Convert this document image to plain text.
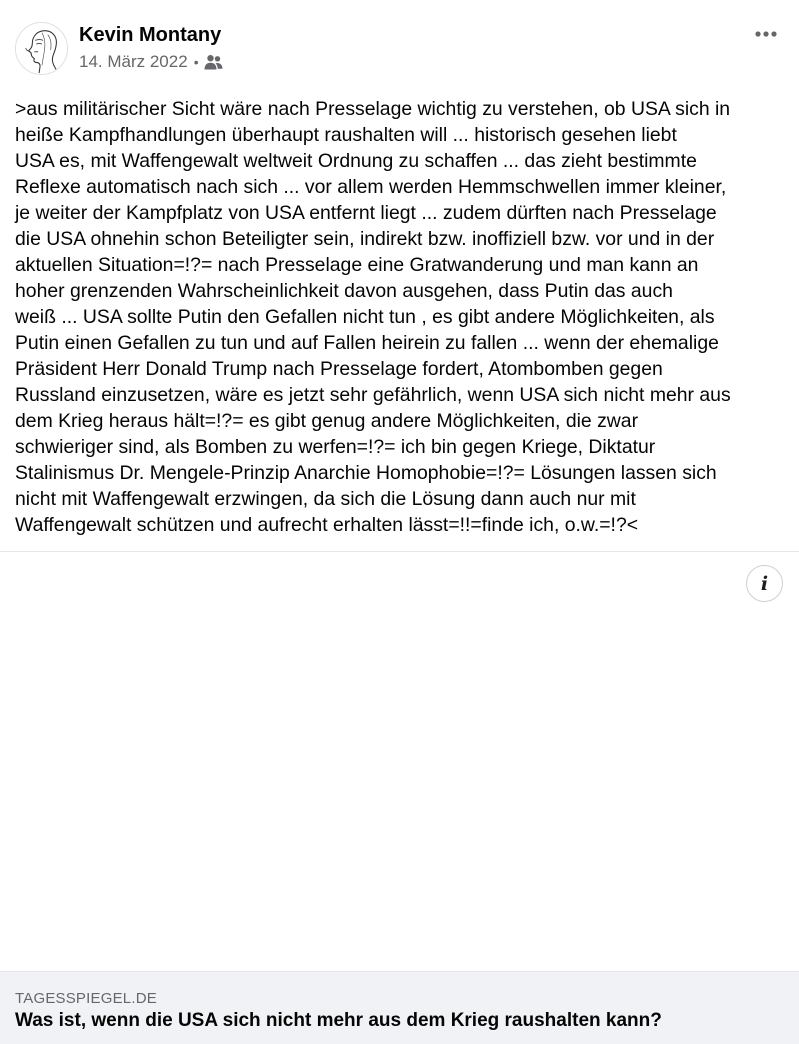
Kevin Montany
14. März 2022 •
>aus militärischer Sicht wäre nach Presselage wichtig zu verstehen, ob USA sich in
heiße Kampfhandlungen überhaupt raushalten will ... historisch gesehen liebt
USA es, mit Waffengewalt weltweit Ordnung zu schaffen ... das zieht bestimmte
Reflexe automatisch nach sich ... vor allem werden Hemmschwellen immer kleiner,
je weiter der Kampfplatz von USA entfernt liegt ... zudem dürften nach Presselage
die USA ohnehin schon Beteiligter sein, indirekt bzw. inoffiziell bzw. vor und in der
aktuellen Situation=!?= nach Presselage eine Gratwanderung und man kann an
hoher grenzenden Wahrscheinlichkeit davon ausgehen, dass Putin das auch
weiß ... USA sollte Putin den Gefallen nicht tun , es gibt andere Möglichkeiten, als
Putin einen Gefallen zu tun und auf Fallen heirein zu fallen ... wenn der ehemalige
Präsident Herr Donald Trump nach Presselage fordert, Atombomben gegen
Russland einzusetzen, wäre es jetzt sehr gefährlich, wenn USA sich nicht mehr aus
dem Krieg heraus hält=!?= es gibt genug andere Möglichkeiten, die zwar
schwieriger sind, als Bomben zu werfen=!?= ich bin gegen Kriege, Diktatur
Stalinismus Dr. Mengele-Prinzip Anarchie Homophobie=!?= Lösungen lassen sich
nicht mit Waffengewalt erzwingen, da sich die Lösung dann auch nur mit
Waffengewalt schützen und aufrecht erhalten lässt=!!=finde ich, o.w.=!?<
i
TAGESSPIEGEL.DE
Was ist, wenn die USA sich nicht mehr aus dem Krieg raushalten kann?
